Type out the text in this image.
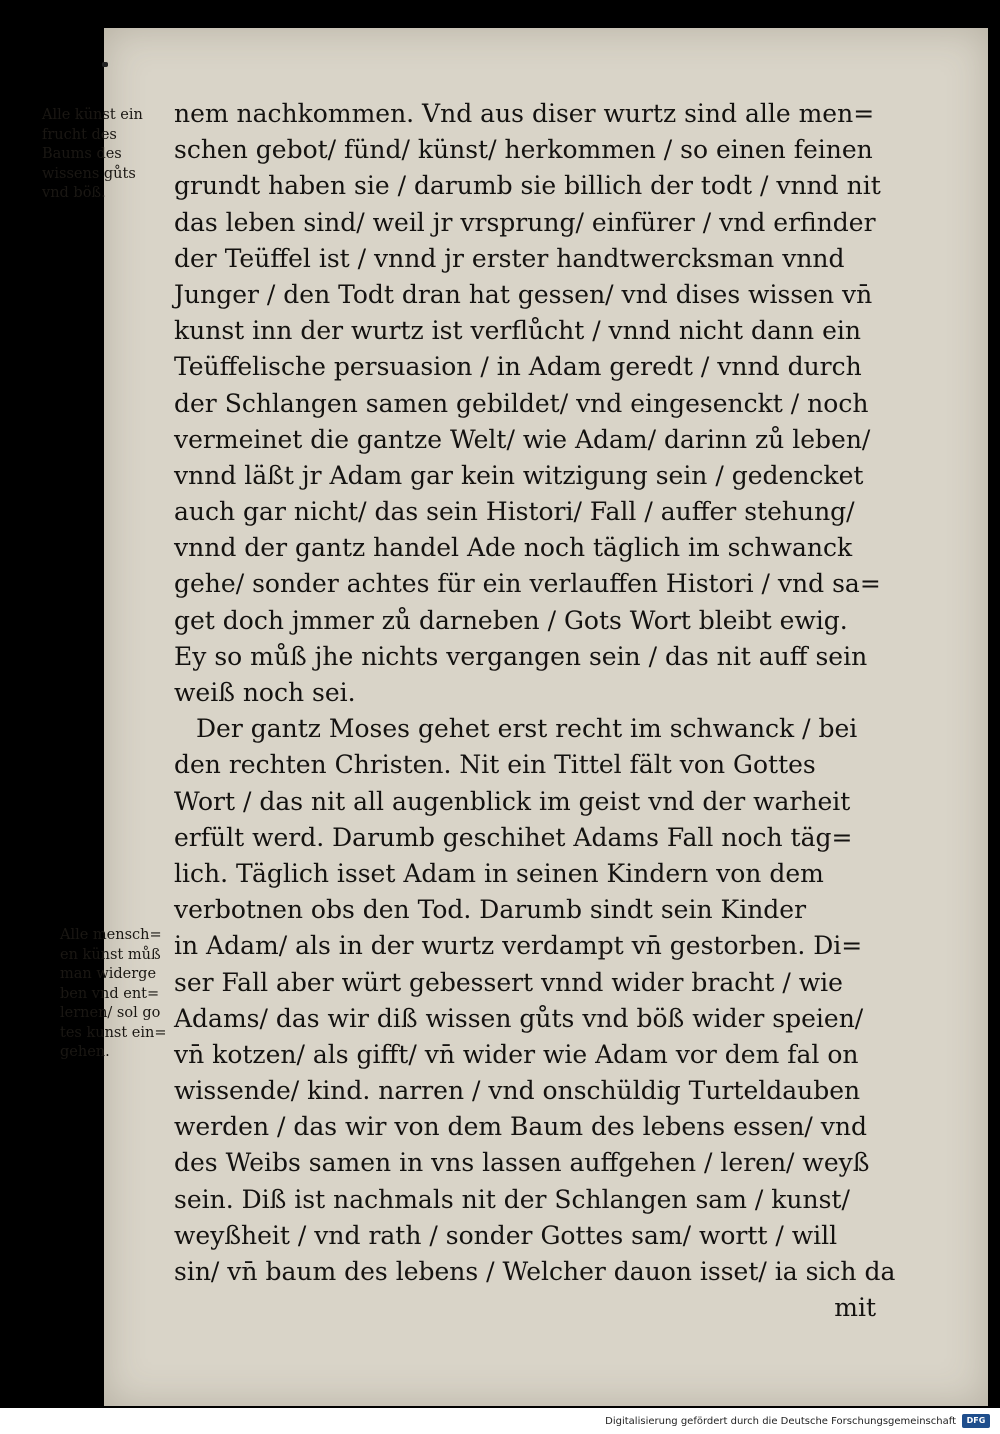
Alle künst ein
frucht des
Baums des
wissens gůts
vnd böß.
Alle mensch=
en künst můß
man widerge
ben vnd ent=
lernen/ sol go
tes kunst ein=
gehen.
nem nachkommen. Vnd aus diser wurtz sind alle men=
schen gebot/ fünd/ künst/ herkommen / so einen feinen
grundt haben sie / darumb sie billich der todt / vnnd nit
das leben sind/ weil jr vrsprung/ einfürer / vnd erfinder
der Teüffel ist / vnnd jr erster handtwercksman vnnd
Junger / den Todt dran hat gessen/ vnd dises wissen vn̄
kunst inn der wurtz ist verflůcht / vnnd nicht dann ein
Teüffelische persuasion / in Adam geredt / vnnd durch
der Schlangen samen gebildet/ vnd eingesenckt / noch
vermeinet die gantze Welt/ wie Adam/ darinn zů leben/
vnnd läßt jr Adam gar kein witzigung sein / gedencket
auch gar nicht/ das sein Histori/ Fall / auffer stehung/
vnnd der gantz handel Ade noch täglich im schwanck
gehe/ sonder achtes für ein verlauffen Histori / vnd sa=
get doch jmmer zů darneben / Gots Wort bleibt ewig.
Ey so můß jhe nichts vergangen sein / das nit auff sein
weiß noch sei.
Der gantz Moses gehet erst recht im schwanck / bei
den rechten Christen. Nit ein Tittel fält von Gottes
Wort / das nit all augenblick im geist vnd der warheit
erfült werd. Darumb geschihet Adams Fall noch täg=
lich. Täglich isset Adam in seinen Kindern von dem
verbotnen obs den Tod. Darumb sindt sein Kinder
in Adam/ als in der wurtz verdampt vn̄ gestorben. Di=
ser Fall aber würt gebessert vnnd wider bracht / wie
Adams/ das wir diß wissen gůts vnd böß wider speien/
vn̄ kotzen/ als gifft/ vn̄ wider wie Adam vor dem fal on
wissende/ kind. narren / vnd onschüldig Turteldauben
werden / das wir von dem Baum des lebens essen/ vnd
des Weibs samen in vns lassen auffgehen / leren/ weyß
sein. Diß ist nachmals nit der Schlangen sam / kunst/
weyßheit / vnd rath / sonder Gottes sam/ wortt / will
sin/ vn̄ baum des lebens / Welcher dauon isset/ ia sich da
mit
Digitalisierung gefördert durch die Deutsche Forschungsgemeinschaft	DFG
